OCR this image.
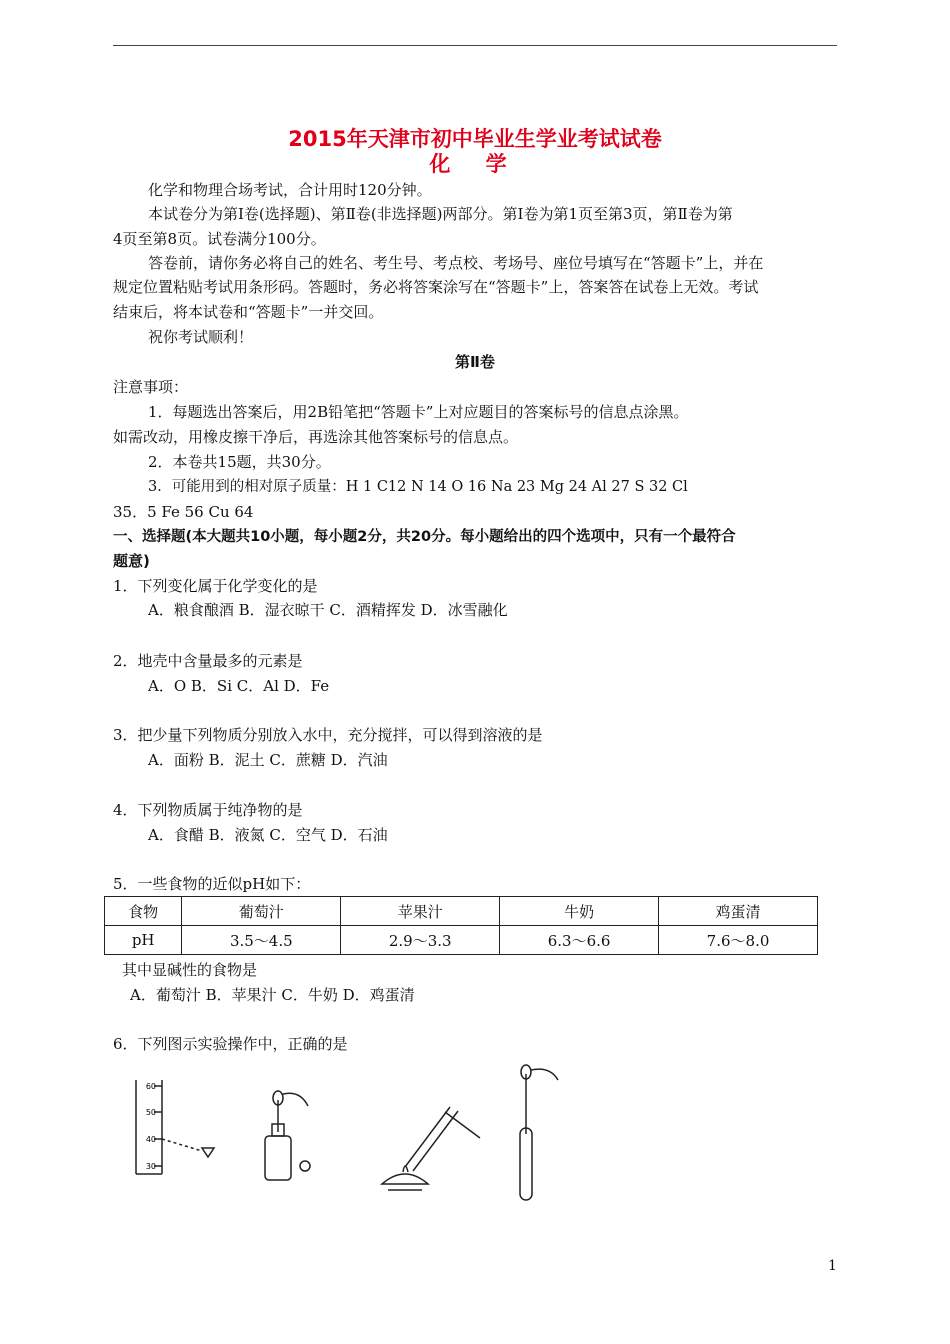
2015年天津市初中毕业生学业考试试卷
化 学
化学和物理合场考试，合计用时120分钟。
本试卷分为第Ⅰ卷(选择题)、第Ⅱ卷(非选择题)两部分。第Ⅰ卷为第1页至第3页，第Ⅱ卷为第
4页至第8页。试卷满分100分。
答卷前，请你务必将自己的姓名、考生号、考点校、考场号、座位号填写在“答题卡”上，并在
规定位置粘贴考试用条形码。答题时，务必将答案涂写在“答题卡”上，答案答在试卷上无效。考试
结束后，将本试卷和“答题卡”一并交回。
祝你考试顺利！
第Ⅱ卷
注意事项：
1．每题选出答案后，用2B铅笔把“答题卡”上对应题目的答案标号的信息点涂黑。
如需改动，用橡皮擦干净后，再选涂其他答案标号的信息点。
2．本卷共15题，共30分。
3．可能用到的相对原子质量：H 1 C12 N 14 O 16 Na 23 Mg 24 Al 27 S 32 Cl
35．5 Fe 56 Cu 64
一、选择题(本大题共10小题，每小题2分，共20分。每小题给出的四个选项中，只有一个最符合
题意)
1．下列变化属于化学变化的是
A．粮食酿酒 B．湿衣晾干 C．酒精挥发 D．冰雪融化
2．地壳中含量最多的元素是
A．O B．Si C．Al D．Fe
3．把少量下列物质分别放入水中，充分搅拌，可以得到溶液的是
A．面粉 B．泥土 C．蔗糖 D．汽油
4．下列物质属于纯净物的是
A．食醋 B．液氮 C．空气 D．石油
5．一些食物的近似pH如下：
食物	葡萄汁	苹果汁	牛奶	鸡蛋清
pH	3.5～4.5	2.9～3.3	6.3～6.6	7.6～8.0
其中显碱性的食物是
A．葡萄汁 B．苹果汁 C．牛奶 D．鸡蛋清
6．下列图示实验操作中，正确的是
60
50
40
30
1
